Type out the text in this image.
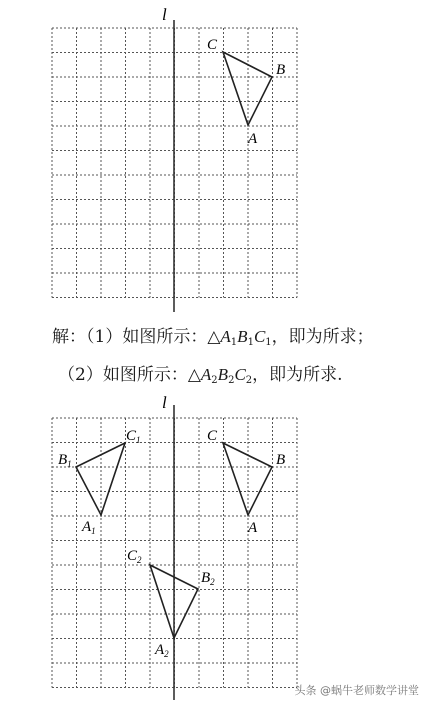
l
C
B
A
l
C
B
A
$C_1$
$B_1$
$A_1$
$C_2$
$B_2$
$A_2$
解：（1）如图所示：$\triangle A_1B_1C_1$，即为所求；
（2）如图所示：$\triangle A_2B_2C_2$，即为所求.
头条 @蜗牛老师数学讲堂
